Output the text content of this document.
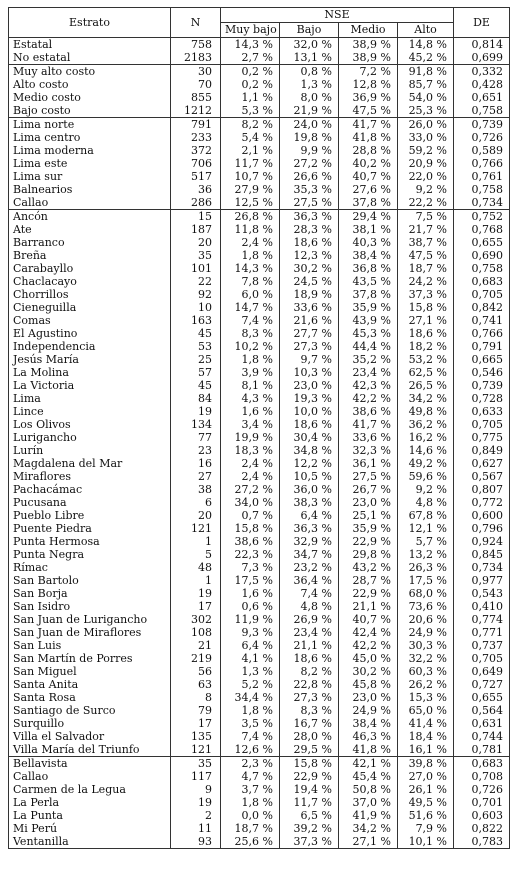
Estrato	N	NSE				DE
		Muy bajo	Bajo	Medio	Alto	
Estatal	758	14,3 %	32,0 %	38,9 %	14,8 %	0,814
No estatal	2183	2,7 %	13,1 %	38,9 %	45,2 %	0,699
Muy alto costo	30	0,2 %	0,8 %	7,2 %	91,8 %	0,332
Alto costo	70	0,2 %	1,3 %	12,8 %	85,7 %	0,428
Medio costo	855	1,1 %	8,0 %	36,9 %	54,0 %	0,651
Bajo costo	1212	5,3 %	21,9 %	47,5 %	25,3 %	0,758
Lima norte	791	8,2 %	24,0 %	41,7 %	26,0 %	0,739
Lima centro	233	5,4 %	19,8 %	41,8 %	33,0 %	0,726
Lima moderna	372	2,1 %	9,9 %	28,8 %	59,2 %	0,589
Lima este	706	11,7 %	27,2 %	40,2 %	20,9 %	0,766
Lima sur	517	10,7 %	26,6 %	40,7 %	22,0 %	0,761
Balnearios	36	27,9 %	35,3 %	27,6 %	9,2 %	0,758
Callao	286	12,5 %	27,5 %	37,8 %	22,2 %	0,734
Ancón	15	26,8 %	36,3 %	29,4 %	7,5 %	0,752
Ate	187	11,8 %	28,3 %	38,1 %	21,7 %	0,768
Barranco	20	2,4 %	18,6 %	40,3 %	38,7 %	0,655
Breña	35	1,8 %	12,3 %	38,4 %	47,5 %	0,690
Carabayllo	101	14,3 %	30,2 %	36,8 %	18,7 %	0,758
Chaclacayo	22	7,8 %	24,5 %	43,5 %	24,2 %	0,683
Chorrillos	92	6,0 %	18,9 %	37,8 %	37,3 %	0,705
Cieneguilla	10	14,7 %	33,6 %	35,9 %	15,8 %	0,842
Comas	163	7,4 %	21,6 %	43,9 %	27,1 %	0,741
El Agustino	45	8,3 %	27,7 %	45,3 %	18,6 %	0,766
Independencia	53	10,2 %	27,3 %	44,4 %	18,2 %	0,791
Jesús María	25	1,8 %	9,7 %	35,2 %	53,2 %	0,665
La Molina	57	3,9 %	10,3 %	23,4 %	62,5 %	0,546
La Victoria	45	8,1 %	23,0 %	42,3 %	26,5 %	0,739
Lima	84	4,3 %	19,3 %	42,2 %	34,2 %	0,728
Lince	19	1,6 %	10,0 %	38,6 %	49,8 %	0,633
Los Olivos	134	3,4 %	18,6 %	41,7 %	36,2 %	0,705
Lurigancho	77	19,9 %	30,4 %	33,6 %	16,2 %	0,775
Lurín	23	18,3 %	34,8 %	32,3 %	14,6 %	0,849
Magdalena del Mar	16	2,4 %	12,2 %	36,1 %	49,2 %	0,627
Miraflores	27	2,4 %	10,5 %	27,5 %	59,6 %	0,567
Pachacámac	38	27,2 %	36,0 %	26,7 %	9,2 %	0,807
Pucusana	6	34,0 %	38,3 %	23,0 %	4,8 %	0,772
Pueblo Libre	20	0,7 %	6,4 %	25,1 %	67,8 %	0,600
Puente Piedra	121	15,8 %	36,3 %	35,9 %	12,1 %	0,796
Punta Hermosa	1	38,6 %	32,9 %	22,9 %	5,7 %	0,924
Punta Negra	5	22,3 %	34,7 %	29,8 %	13,2 %	0,845
Rímac	48	7,3 %	23,2 %	43,2 %	26,3 %	0,734
San Bartolo	1	17,5 %	36,4 %	28,7 %	17,5 %	0,977
San Borja	19	1,6 %	7,4 %	22,9 %	68,0 %	0,543
San Isidro	17	0,6 %	4,8 %	21,1 %	73,6 %	0,410
San Juan de Lurigancho	302	11,9 %	26,9 %	40,7 %	20,6 %	0,774
San Juan de Miraflores	108	9,3 %	23,4 %	42,4 %	24,9 %	0,771
San Luis	21	6,4 %	21,1 %	42,2 %	30,3 %	0,737
San Martín de Porres	219	4,1 %	18,6 %	45,0 %	32,2 %	0,705
San Miguel	56	1,3 %	8,2 %	30,2 %	60,3 %	0,649
Santa Anita	63	5,2 %	22,8 %	45,8 %	26,2 %	0,727
Santa Rosa	8	34,4 %	27,3 %	23,0 %	15,3 %	0,655
Santiago de Surco	79	1,8 %	8,3 %	24,9 %	65,0 %	0,564
Surquillo	17	3,5 %	16,7 %	38,4 %	41,4 %	0,631
Villa el Salvador	135	7,4 %	28,0 %	46,3 %	18,4 %	0,744
Villa María del Triunfo	121	12,6 %	29,5 %	41,8 %	16,1 %	0,781
Bellavista	35	2,3 %	15,8 %	42,1 %	39,8 %	0,683
Callao	117	4,7 %	22,9 %	45,4 %	27,0 %	0,708
Carmen de la Legua	9	3,7 %	19,4 %	50,8 %	26,1 %	0,726
La Perla	19	1,8 %	11,7 %	37,0 %	49,5 %	0,701
La Punta	2	0,0 %	6,5 %	41,9 %	51,6 %	0,603
Mi Perú	11	18,7 %	39,2 %	34,2 %	7,9 %	0,822
Ventanilla	93	25,6 %	37,3 %	27,1 %	10,1 %	0,783
